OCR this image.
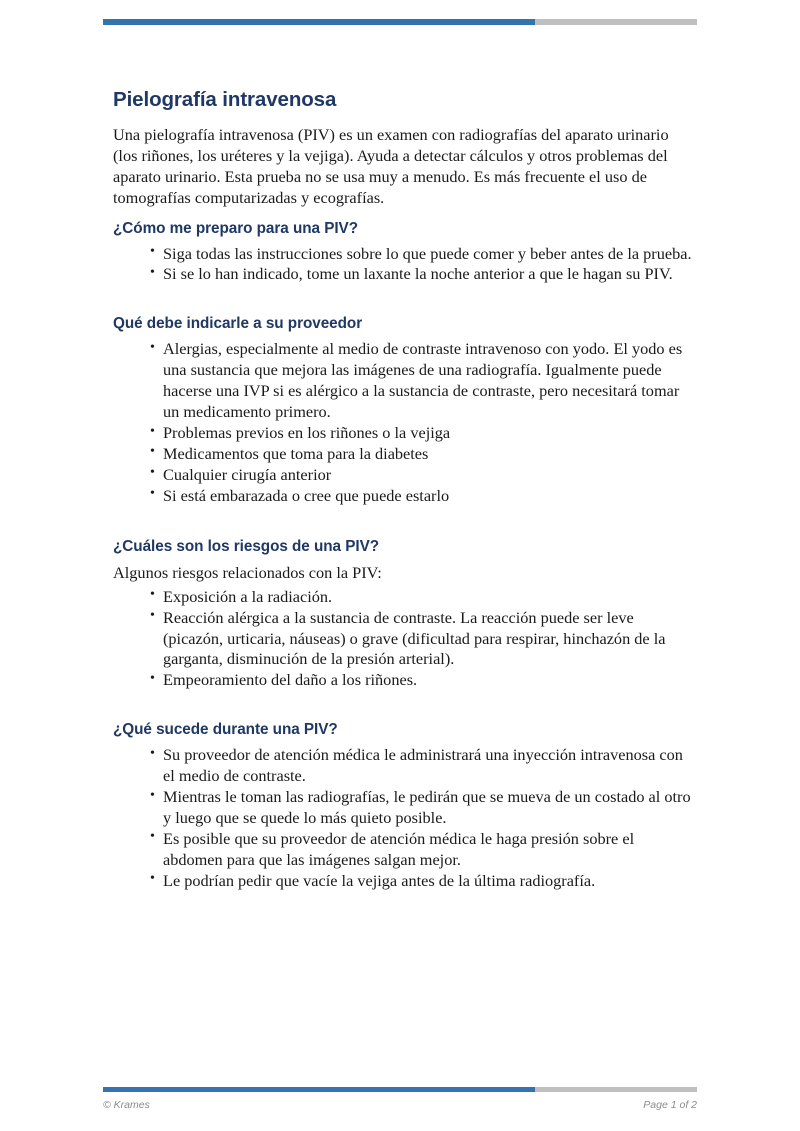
Pielografía intravenosa

Una pielografía intravenosa (PIV) es un examen con radiografías del aparato urinario (los riñones, los uréteres y la vejiga). Ayuda a detectar cálculos y otros problemas del aparato urinario. Esta prueba no se usa muy a menudo. Es más frecuente el uso de tomografías computarizadas y ecografías.

¿Cómo me preparo para una PIV?
• Siga todas las instrucciones sobre lo que puede comer y beber antes de la prueba.
• Si se lo han indicado, tome un laxante la noche anterior a que le hagan su PIV.
Qué debe indicarle a su proveedor
• Alergias, especialmente al medio de contraste intravenoso con yodo. El yodo es una sustancia que mejora las imágenes de una radiografía. Igualmente puede hacerse una IVP si es alérgico a la sustancia de contraste, pero necesitará tomar un medicamento primero.
• Problemas previos en los riñones o la vejiga
• Medicamentos que toma para la diabetes
• Cualquier cirugía anterior
• Si está embarazada o cree que puede estarlo
¿Cuáles son los riesgos de una PIV?

Algunos riesgos relacionados con la PIV:

• Exposición a la radiación.
• Reacción alérgica a la sustancia de contraste. La reacción puede ser leve (picazón, urticaria, náuseas) o grave (dificultad para respirar, hinchazón de la garganta, disminución de la presión arterial).
• Empeoramiento del daño a los riñones.
¿Qué sucede durante una PIV?
• Su proveedor de atención médica le administrará una inyección intravenosa con el medio de contraste.
• Mientras le toman las radiografías, le pedirán que se mueva de un costado al otro y luego que se quede lo más quieto posible.
• Es posible que su proveedor de atención médica le haga presión sobre el abdomen para que las imágenes salgan mejor.
• Le podrían pedir que vacíe la vejiga antes de la última radiografía.
© Krames	Page 1 of 2
